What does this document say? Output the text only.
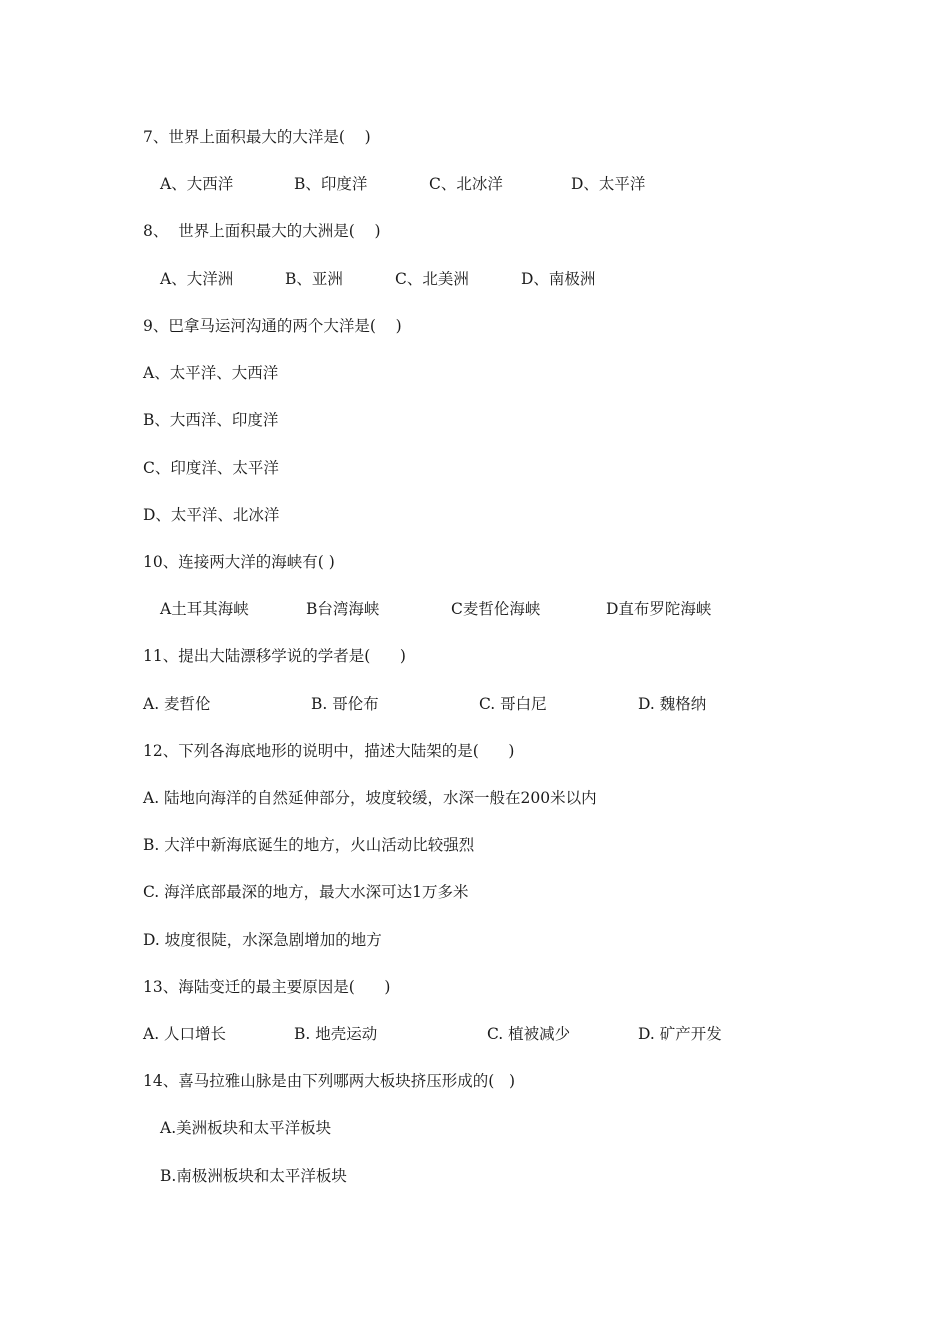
7、世界上面积最大的大洋是(    )
A、大西洋	B、印度洋	C、北冰洋	D、太平洋
8、  世界上面积最大的大洲是(    )
A、大洋洲	B、亚洲	C、北美洲	D、南极洲
9、巴拿马运河沟通的两个大洋是(    )
A、太平洋、大西洋
B、大西洋、印度洋
C、印度洋、太平洋
D、太平洋、北冰洋
10、连接两大洋的海峡有( )
A土耳其海峡	B台湾海峡	C麦哲伦海峡	D直布罗陀海峡
11、提出大陆漂移学说的学者是(      )
A. 麦哲伦	B. 哥伦布	C. 哥白尼	D. 魏格纳
12、下列各海底地形的说明中，描述大陆架的是(      )
A. 陆地向海洋的自然延伸部分，坡度较缓，水深一般在200米以内
B. 大洋中新海底诞生的地方，火山活动比较强烈
C. 海洋底部最深的地方，最大水深可达1万多米
D. 坡度很陡，水深急剧增加的地方
13、海陆变迁的最主要原因是(      )
A. 人口增长	B. 地壳运动	C. 植被减少	D. 矿产开发
14、喜马拉雅山脉是由下列哪两大板块挤压形成的(   )
A.美洲板块和太平洋板块
B.南极洲板块和太平洋板块
